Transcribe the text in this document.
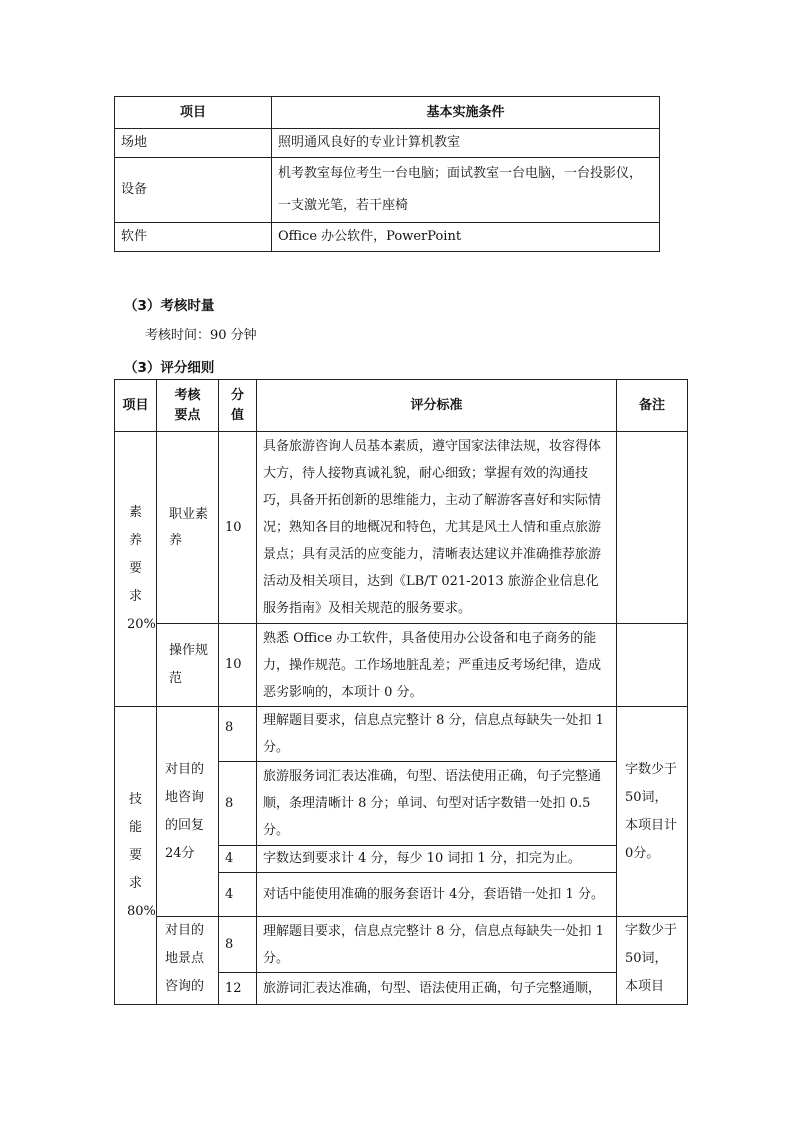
项目	基本实施条件
场地	照明通风良好的专业计算机教室
设备	机考教室每位考生一台电脑；面试教室一台电脑，一台投影仪，一支激光笔，若干座椅
软件	Office 办公软件，PowerPoint
（3）考核时量
考核时间：90 分钟
（3）评分细则
项目	考核要点	分值	评分标准	备注
素养要求20%	职业素养	10	具备旅游咨询人员基本素质，遵守国家法律法规，妆容得体大方，待人接物真诚礼貌，耐心细致；掌握有效的沟通技巧，具备开拓创新的思维能力，主动了解游客喜好和实际情况；熟知各目的地概况和特色，尤其是风土人情和重点旅游景点；具有灵活的应变能力，清晰表达建议并准确推荐旅游活动及相关项目，达到《LB/T 021-2013 旅游企业信息化服务指南》及相关规范的服务要求。	
	操作规范	10	熟悉 Office 办工软件，具备使用办公设备和电子商务的能力，操作规范。工作场地脏乱差；严重违反考场纪律，造成恶劣影响的，本项计 0 分。	
技能要求80%	对目的地咨询的回复24分	8	理解题目要求，信息点完整计 8 分，信息点每缺失一处扣 1 分。	字数少于50词，本项目计0分。
		8	旅游服务词汇表达准确，句型、语法使用正确，句子完整通顺，条理清晰计 8 分；单词、句型对话字数错一处扣 0.5 分。	
		4	字数达到要求计 4 分，每少 10 词扣 1 分，扣完为止。	
		4	对话中能使用准确的服务套语计 4分，套语错一处扣 1 分。	
	对目的地景点咨询的	8	理解题目要求，信息点完整计 8 分，信息点每缺失一处扣 1 分。	字数少于50词，本项目
		12	旅游词汇表达准确，句型、语法使用正确，句子完整通顺，	
